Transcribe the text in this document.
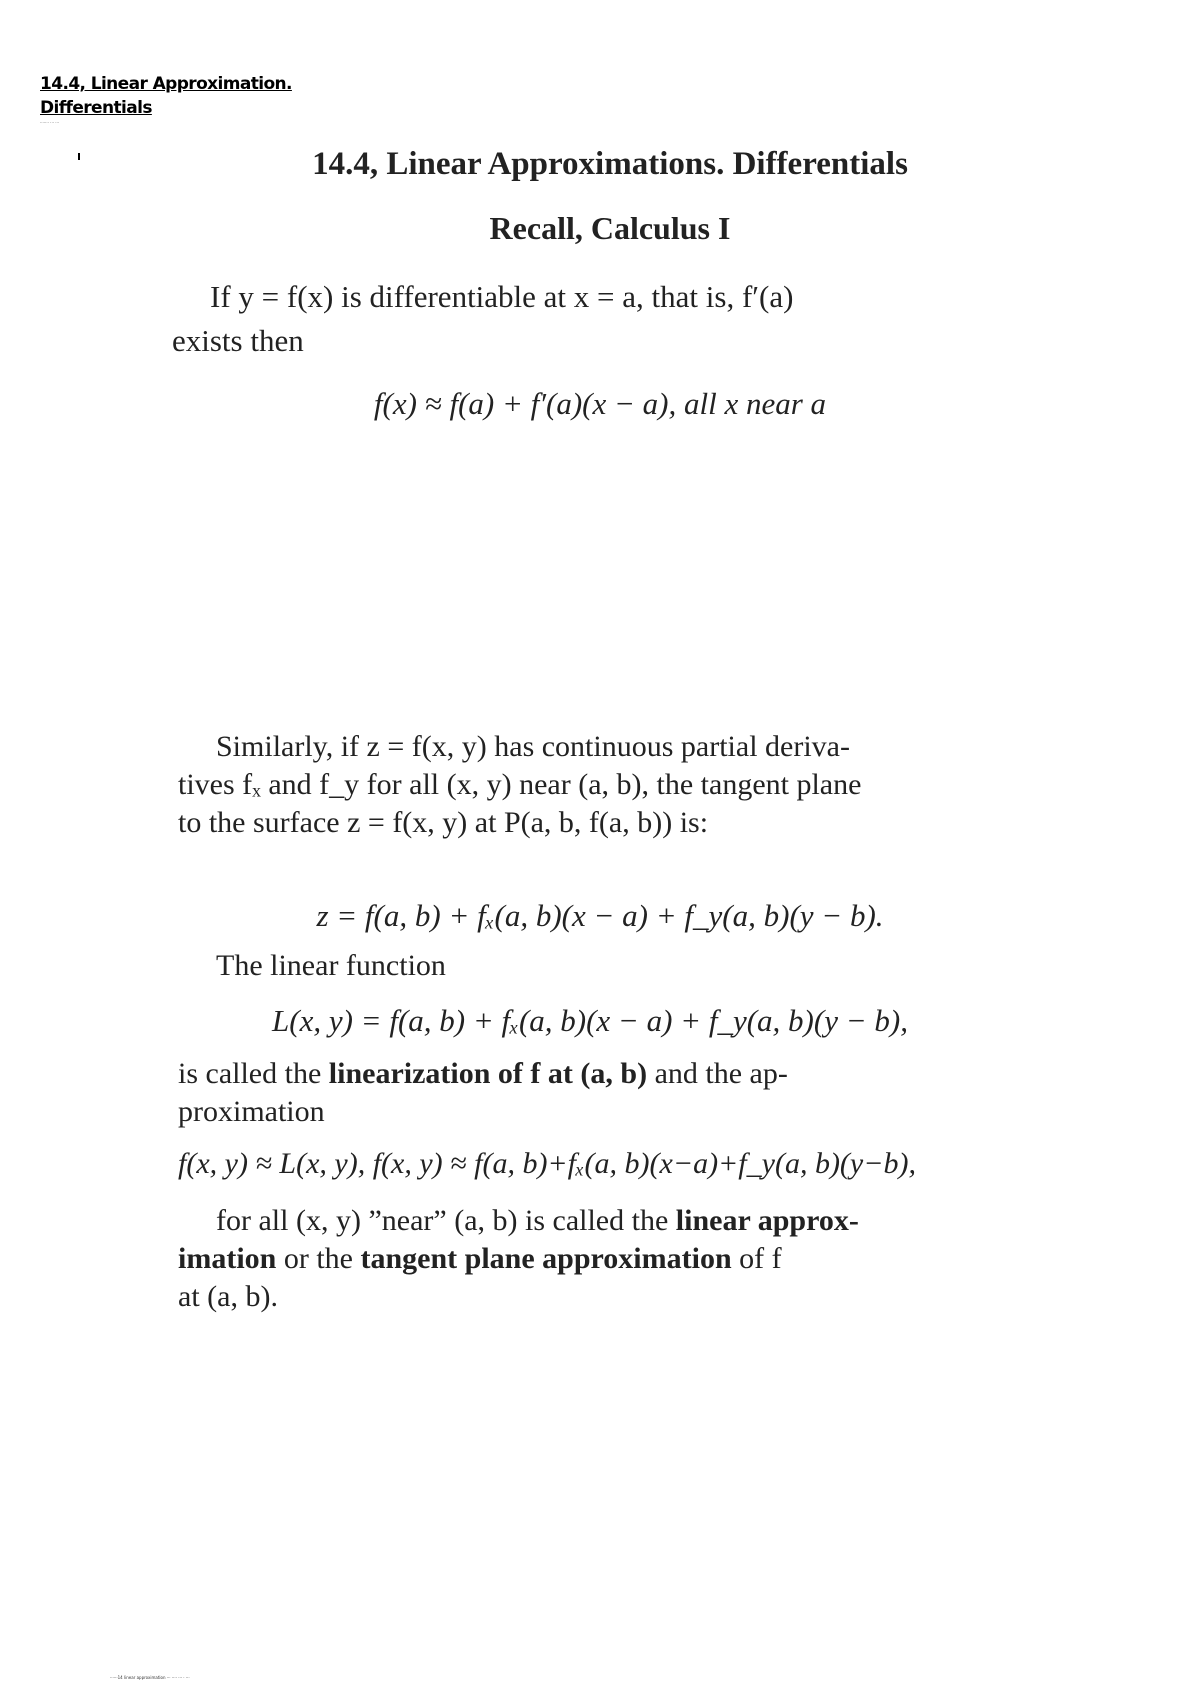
14.4, Linear Approximation. Differentials
······· ··· ···
14.4, Linear Approximations. Differentials
Recall, Calculus I
If y = f(x) is differentiable at x = a, that is, f′(a)
exists then
f(x) ≈ f(a) + f′(a)(x − a), all x near a
Similarly, if z = f(x, y) has continuous partial deriva-
tives fₓ and f_y for all (x, y) near (a, b), the tangent plane
to the surface z = f(x, y) at P(a, b, f(a, b)) is:
z = f(a, b) + fₓ(a, b)(x − a) + f_y(a, b)(y − b).
The linear function
L(x, y) = f(a, b) + fₓ(a, b)(x − a) + f_y(a, b)(y − b),
is called the linearization of f at (a, b) and the ap-
proximation
f(x, y) ≈ L(x, y), f(x, y) ≈ f(a, b)+fₓ(a, b)(x−a)+f_y(a, b)(y−b),
for all (x, y) ”near” (a, b) is called the linear approx-
imation or the tangent plane approximation of f
at (a, b).
······14 linear approximation ··· ···· ··· · ···
